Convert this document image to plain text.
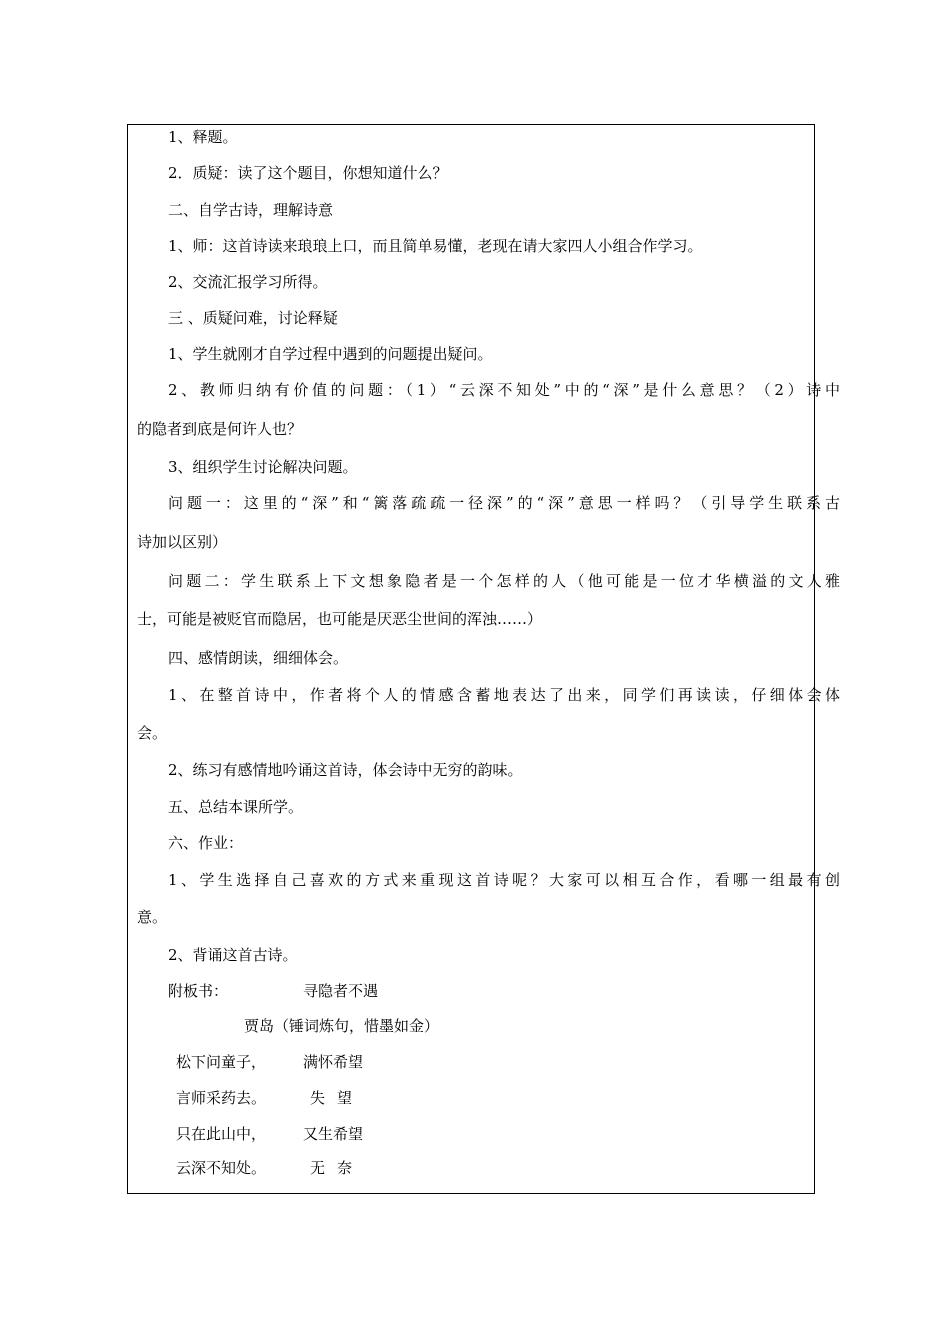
1、释题。
2．质疑：读了这个题目，你想知道什么？
二、自学古诗，理解诗意
1、师：这首诗读来琅琅上口，而且简单易懂，老现在请大家四人小组合作学习。
2、交流汇报学习所得。
三 、质疑问难，讨论释疑
1、学生就刚才自学过程中遇到的问题提出疑问。
2、教师归纳有价值的问题：（1）“云深不知处”中的“深”是什么意思？（2）诗中
的隐者到底是何许人也？
3、组织学生讨论解决问题。
问题一：这里的“深”和“篱落疏疏一径深”的“深”意思一样吗？（引导学生联系古
诗加以区别）
问题二：学生联系上下文想象隐者是一个怎样的人（他可能是一位才华横溢的文人雅
士，可能是被贬官而隐居，也可能是厌恶尘世间的浑浊……）
四、感情朗读，细细体会。
1、在整首诗中，作者将个人的情感含蓄地表达了出来，同学们再读读，仔细体会体
会。
2、练习有感情地吟诵这首诗，体会诗中无穷的韵味。
五、总结本课所学。
六、作业：
1、学生选择自己喜欢的方式来重现这首诗呢？大家可以相互合作，看哪一组最有创
意。
2、背诵这首古诗。
附板书：	寻隐者不遇
贾岛（锤词炼句，惜墨如金）
松下问童子， 满怀希望
言师采药去。	失望
只在此山中， 又生希望
云深不知处。	无奈
